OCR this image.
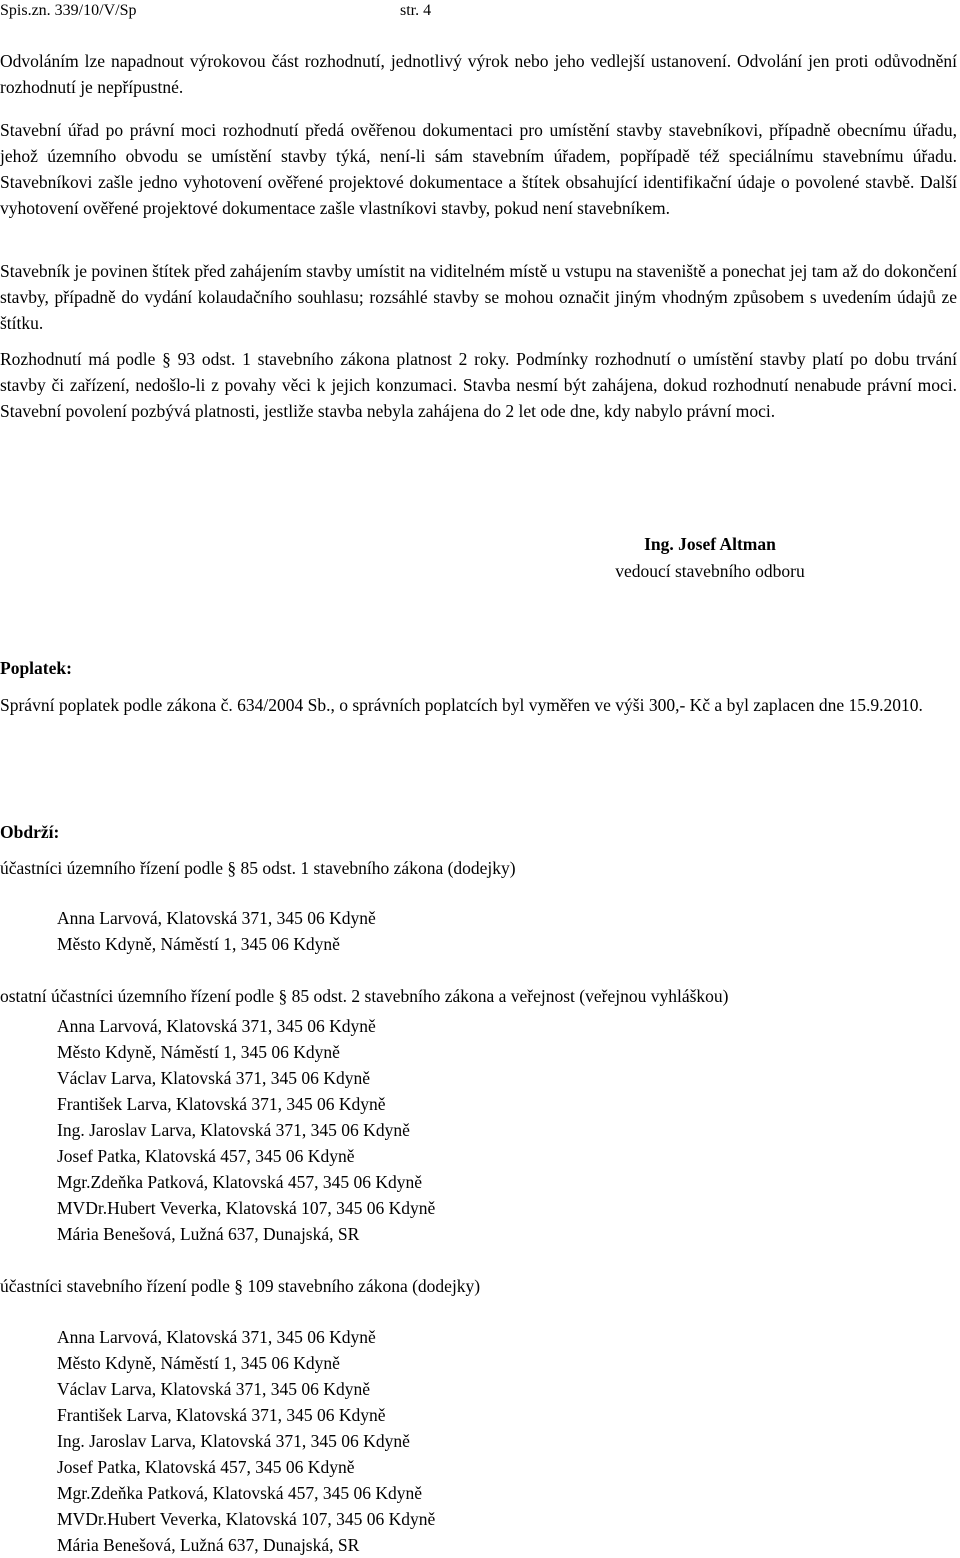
Spis.zn. 339/10/V/Sp	str. 4
Odvoláním lze napadnout výrokovou část rozhodnutí, jednotlivý výrok nebo jeho vedlejší ustanovení. Odvolání jen proti odůvodnění rozhodnutí je nepřípustné.
Stavební úřad po právní moci rozhodnutí předá ověřenou dokumentaci pro umístění stavby stavebníkovi, případně obecnímu úřadu, jehož územního obvodu se umístění stavby týká, není-li sám stavebním úřadem, popřípadě též speciálnímu stavebnímu úřadu. Stavebníkovi zašle jedno vyhotovení ověřené projektové dokumentace a štítek obsahující identifikační údaje o povolené stavbě. Další vyhotovení ověřené projektové dokumentace zašle vlastníkovi stavby, pokud není stavebníkem.
Stavebník je povinen štítek před zahájením stavby umístit na viditelném místě u vstupu na staveniště a ponechat jej tam až do dokončení stavby, případně do vydání kolaudačního souhlasu; rozsáhlé stavby se mohou označit jiným vhodným způsobem s uvedením údajů ze štítku.
Rozhodnutí má podle § 93 odst. 1 stavebního zákona platnost 2 roky. Podmínky rozhodnutí o umístění stavby platí po dobu trvání stavby či zařízení, nedošlo-li z povahy věci k jejich konzumaci. Stavba nesmí být zahájena, dokud rozhodnutí nenabude právní moci. Stavební povolení pozbývá platnosti, jestliže stavba nebyla zahájena do 2 let ode dne, kdy nabylo právní moci.
Ing. Josef Altman
vedoucí stavebního odboru
Poplatek:
Správní poplatek podle zákona č. 634/2004 Sb., o správních poplatcích byl vyměřen ve výši 300,- Kč a byl zaplacen dne 15.9.2010.
Obdrží:
účastníci územního řízení podle § 85 odst. 1 stavebního zákona (dodejky)
Anna Larvová, Klatovská 371, 345 06 Kdyně
Město Kdyně, Náměstí 1, 345 06 Kdyně
ostatní účastníci územního řízení podle § 85 odst. 2 stavebního zákona a veřejnost (veřejnou vyhláškou)
Anna Larvová, Klatovská 371, 345 06 Kdyně
Město Kdyně, Náměstí 1, 345 06 Kdyně
Václav Larva, Klatovská 371, 345 06 Kdyně
František Larva, Klatovská 371, 345 06 Kdyně
Ing. Jaroslav Larva, Klatovská 371, 345 06 Kdyně
Josef Patka, Klatovská 457, 345 06 Kdyně
Mgr.Zdeňka Patková, Klatovská 457, 345 06 Kdyně
MVDr.Hubert Veverka, Klatovská 107, 345 06 Kdyně
Mária Benešová, Lužná 637, Dunajská, SR
účastníci stavebního řízení podle § 109 stavebního zákona (dodejky)
Anna Larvová, Klatovská 371, 345 06 Kdyně
Město Kdyně, Náměstí 1, 345 06 Kdyně
Václav Larva, Klatovská 371, 345 06 Kdyně
František Larva, Klatovská 371, 345 06 Kdyně
Ing. Jaroslav Larva, Klatovská 371, 345 06 Kdyně
Josef Patka, Klatovská 457, 345 06 Kdyně
Mgr.Zdeňka Patková, Klatovská 457, 345 06 Kdyně
MVDr.Hubert Veverka, Klatovská 107, 345 06 Kdyně
Mária Benešová, Lužná 637, Dunajská, SR
